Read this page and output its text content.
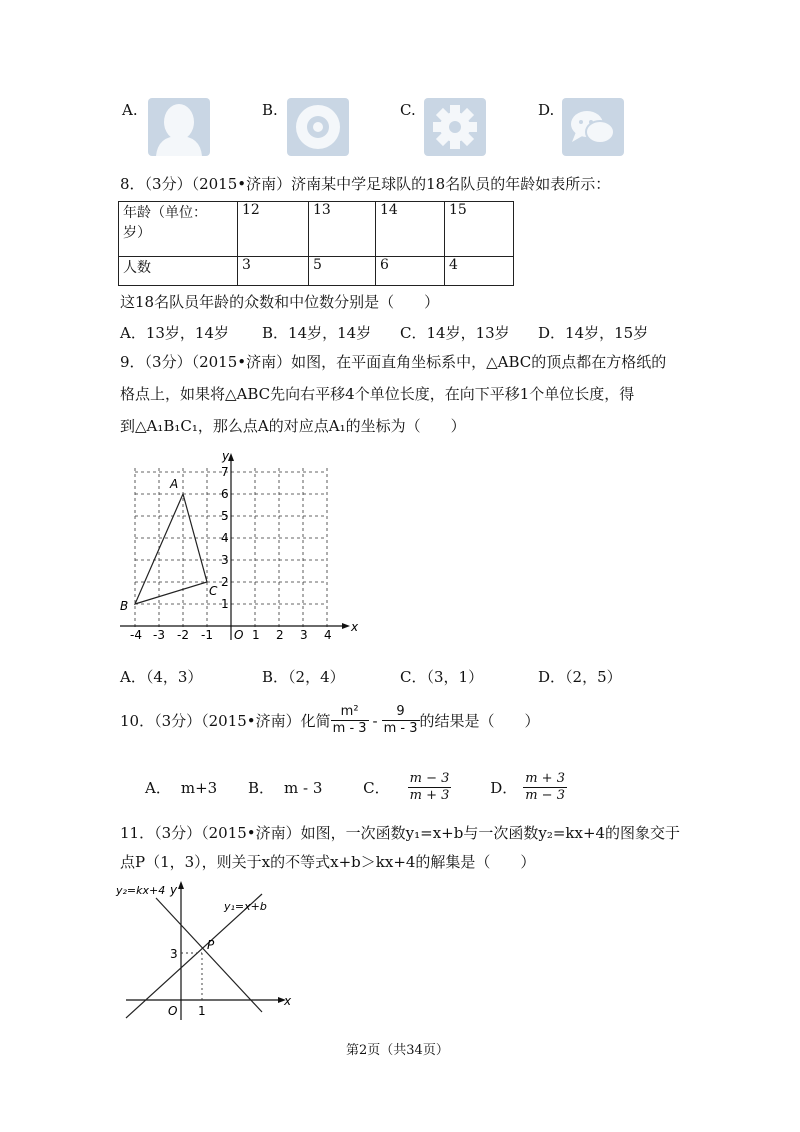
A.	B.	C.	D.
8．（3分）（2015•济南）济南某中学足球队的18名队员的年龄如表所示：
年龄（单位：
岁）	12	13	14	15
人数	3	5	6	4
这18名队员年龄的众数和中位数分别是（　　）
A．13岁，14岁 B．14岁，14岁 C．14岁，13岁 D．14岁，15岁
9．（3分）（2015•济南）如图，在平面直角坐标系中，△ABC的顶点都在方格纸的
格点上，如果将△ABC先向右平移4个单位长度，在向下平移1个单位长度，得
到△A₁B₁C₁，那么点A的对应点A₁的坐标为（　　）
x
y
O
-4 -3 -2 -1	1 2 3 4
1
2
3
4
5
6
7
A
B
C
A．（4，3）	B．（2，4）	C．（3，1）	D．（2，5）
10．（3分）（2015•济南）化简 $\frac{\text{m²}}{m - 3} - \frac{9}{m - 3}$ 的结果是（　　）
A． m+3 B． m - 3	C． $\frac{m - 3}{m + 3}$	D． $\frac{m + 3}{m - 3}$
11．（3分）（2015•济南）如图，一次函数y₁=x+b与一次函数y₂=kx+4的图象交于
点P（1，3），则关于x的不等式x+b＞kx+4的解集是（　　）
y₂=kx+4 y
y₁=x+b
P
3
O 1
x
第2页（共34页）
